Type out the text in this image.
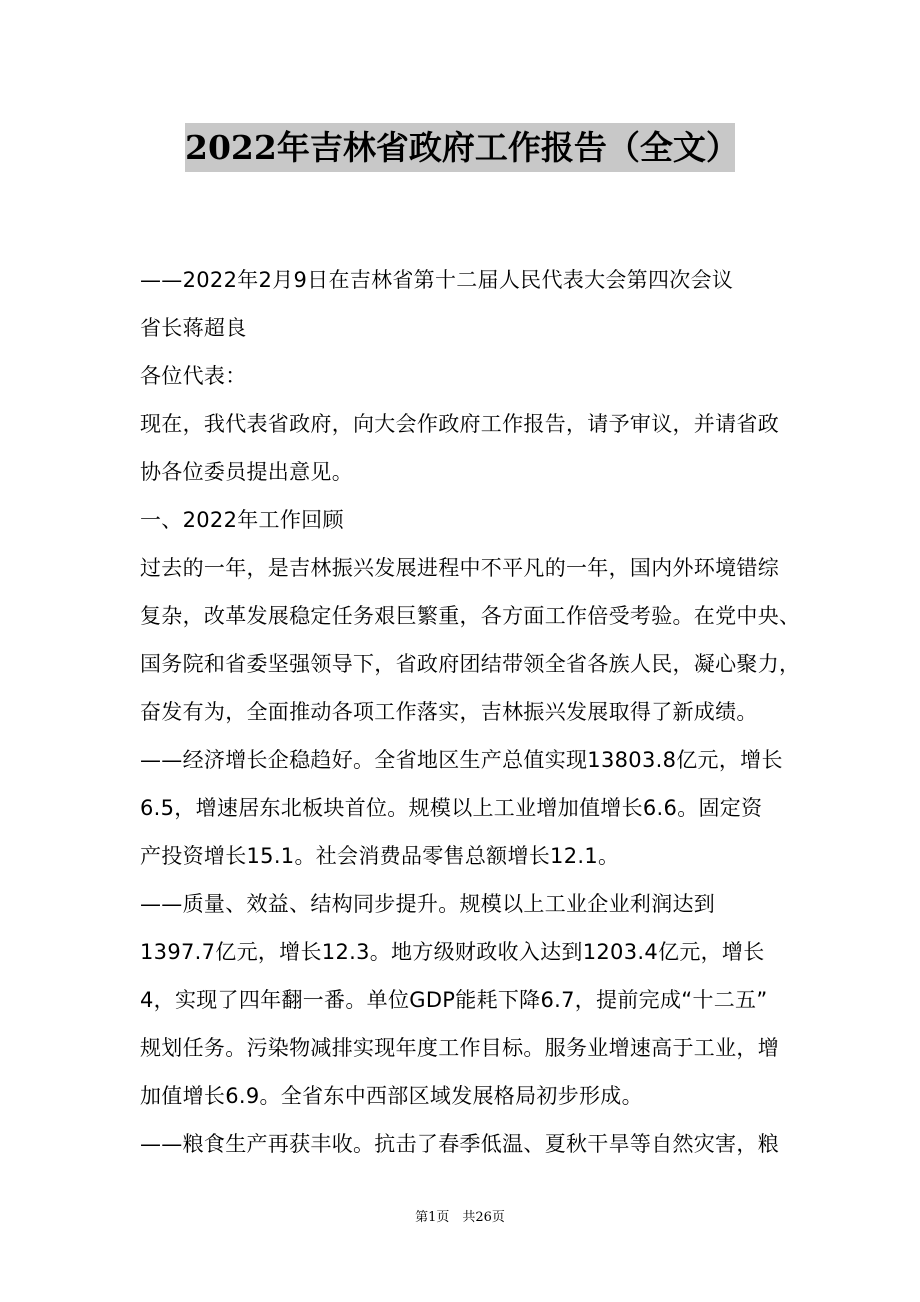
2022年吉林省政府工作报告（全文）
——2022年2月9日在吉林省第十二届人民代表大会第四次会议
省长蒋超良
各位代表：
现在，我代表省政府，向大会作政府工作报告，请予审议，并请省政
协各位委员提出意见。
一、2022年工作回顾
过去的一年，是吉林振兴发展进程中不平凡的一年，国内外环境错综
复杂，改革发展稳定任务艰巨繁重，各方面工作倍受考验。在党中央、
国务院和省委坚强领导下，省政府团结带领全省各族人民，凝心聚力，
奋发有为，全面推动各项工作落实，吉林振兴发展取得了新成绩。
——经济增长企稳趋好。全省地区生产总值实现13803.8亿元，增长
6.5，增速居东北板块首位。规模以上工业增加值增长6.6。固定资
产投资增长15.1。社会消费品零售总额增长12.1。
——质量、效益、结构同步提升。规模以上工业企业利润达到
1397.7亿元，增长12.3。地方级财政收入达到1203.4亿元，增长
4，实现了四年翻一番。单位GDP能耗下降6.7，提前完成“十二五”
规划任务。污染物减排实现年度工作目标。服务业增速高于工业，增
加值增长6.9。全省东中西部区域发展格局初步形成。
——粮食生产再获丰收。抗击了春季低温、夏秋干旱等自然灾害，粮
第1页　共26页
